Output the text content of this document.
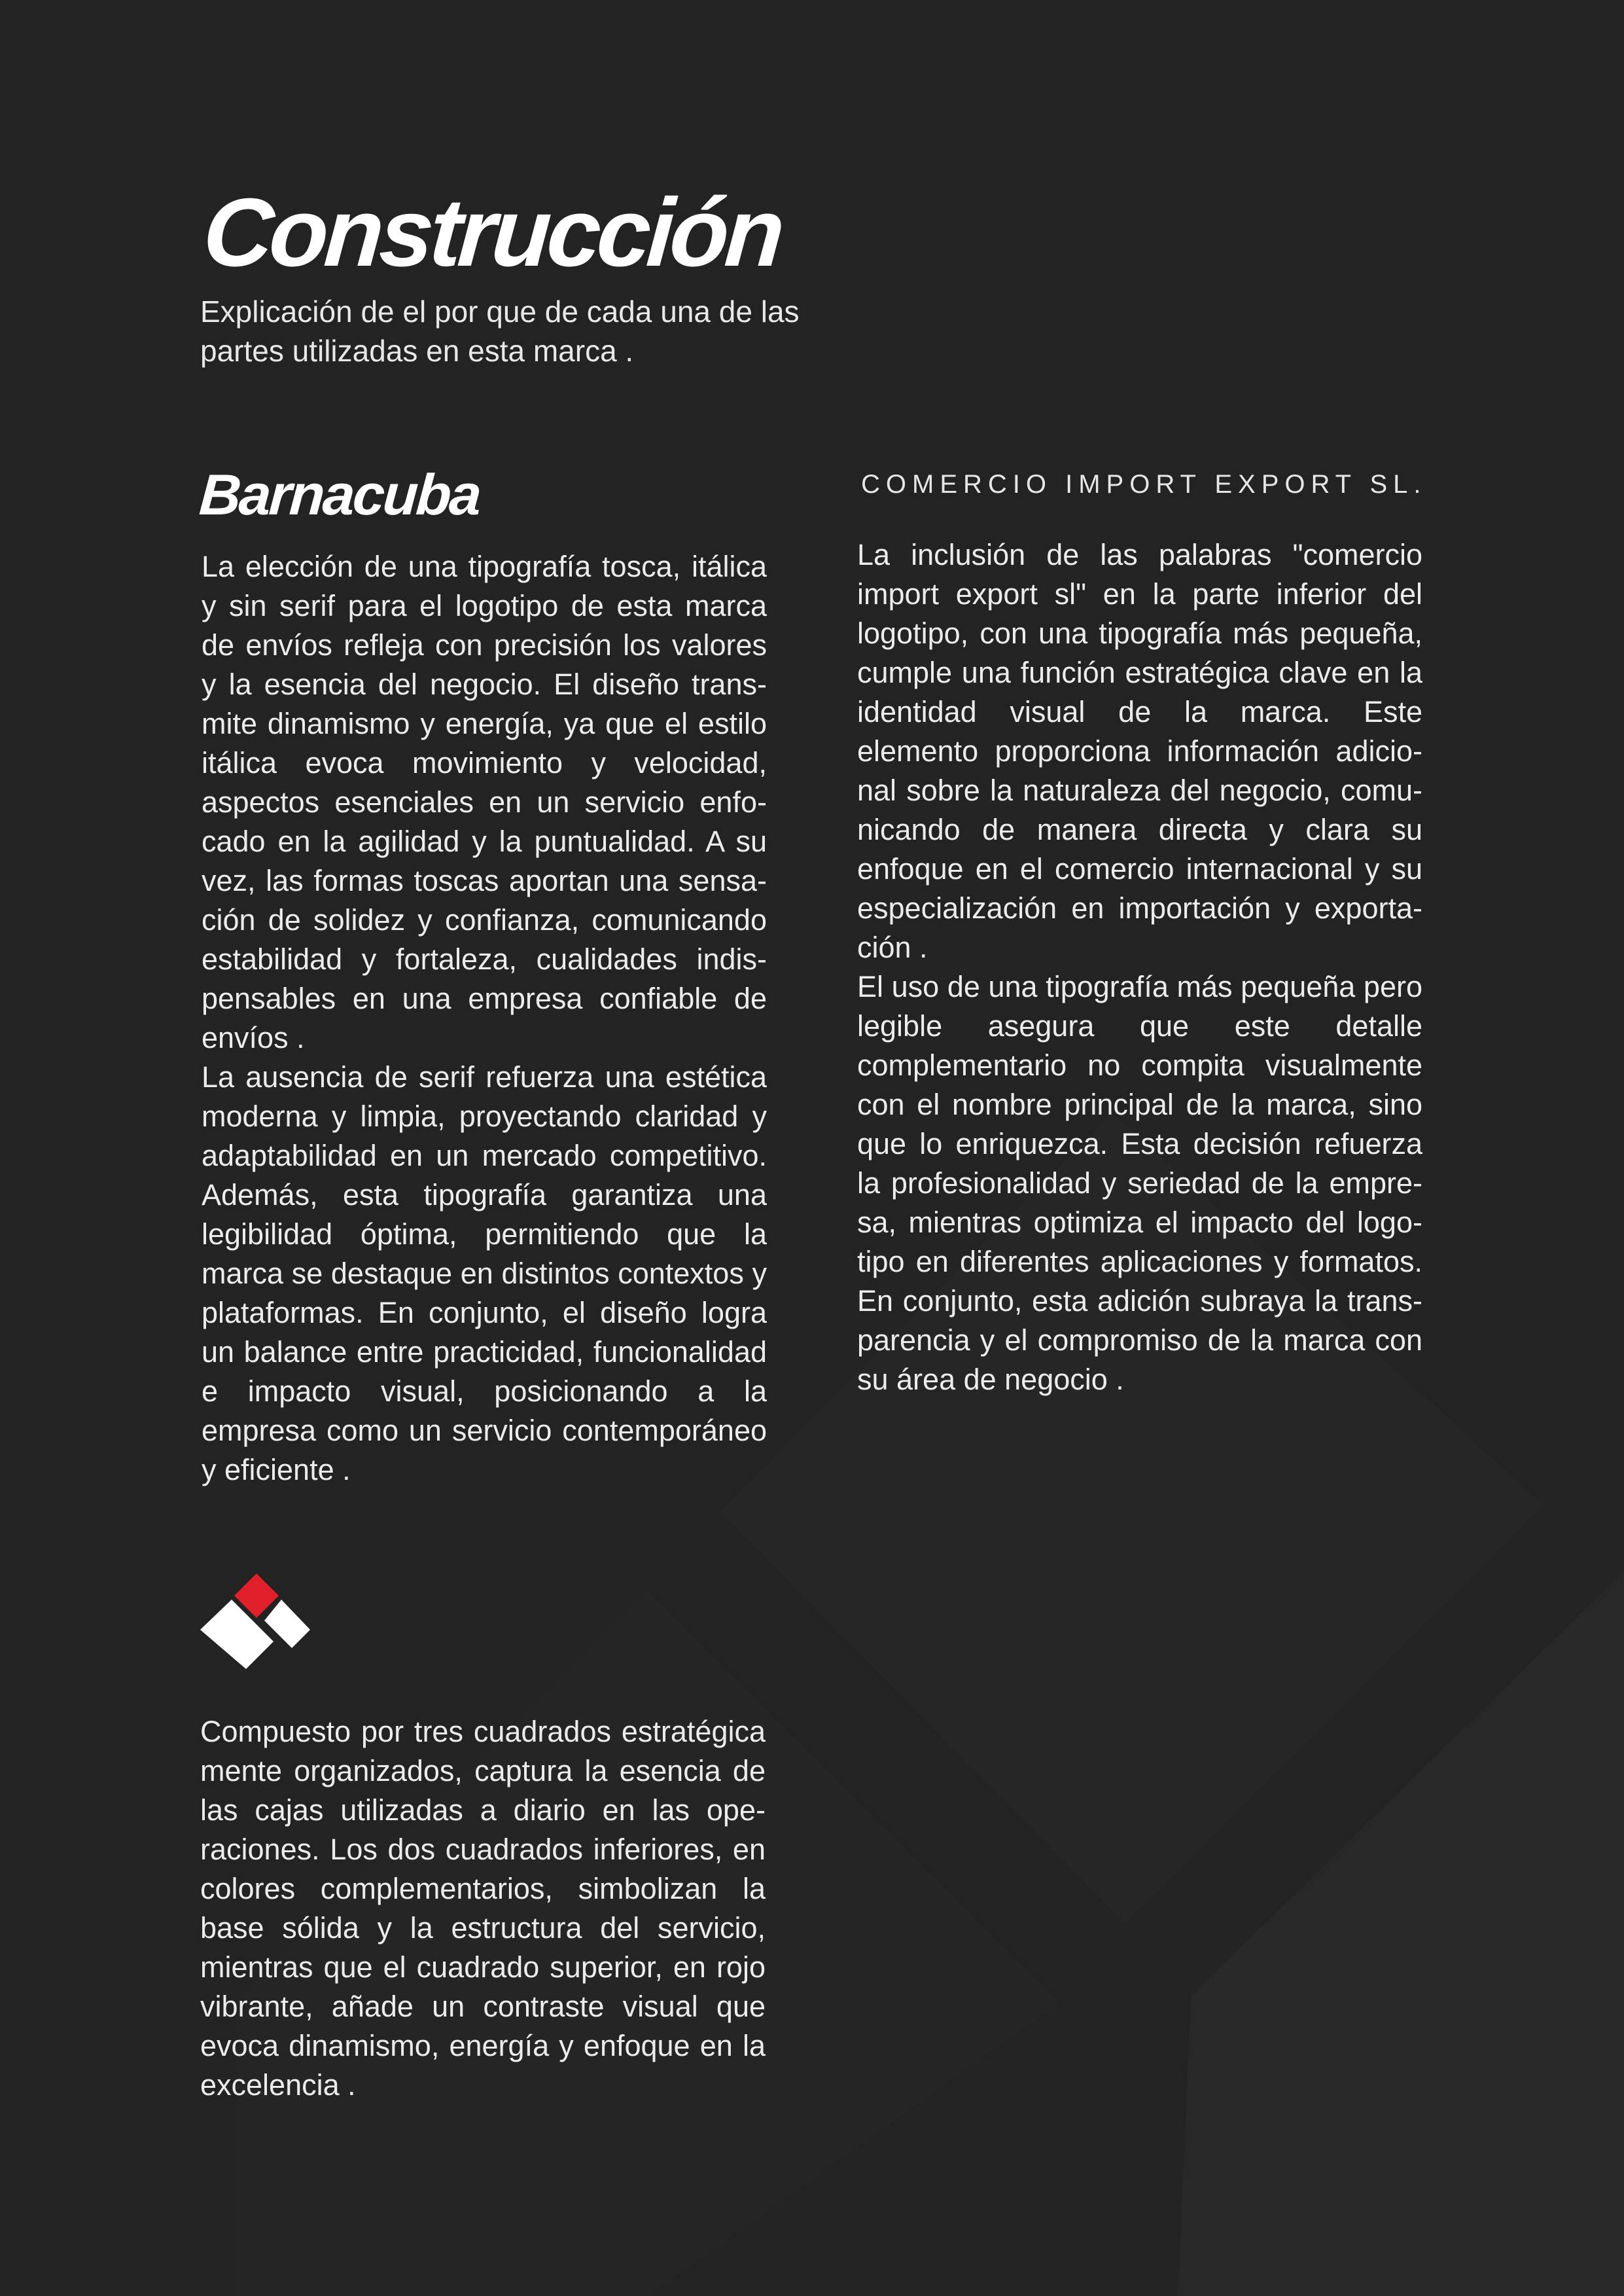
Construcción

Explicación de el por que de cada una de las partes utilizadas en esta marca .

Barnacuba

La elección de una tipografía tosca, itálica y sin serif para el logotipo de esta marca de envíos refleja con precisión los valores y la esencia del negocio. El diseño transmite dinamismo y energía, ya que el estilo itálica evoca movimiento y velocidad, aspectos esenciales en un servicio enfocado en la agilidad y la puntualidad. A su vez, las formas toscas aportan una sensación de solidez y confianza, comunicando estabilidad y fortaleza, cualidades indispensables en una empresa confiable de envíos .

La ausencia de serif refuerza una estética moderna y limpia, proyectando claridad y adaptabilidad en un mercado competitivo. Además, esta tipografía garantiza una legibilidad óptima, permitiendo que la marca se destaque en distintos contextos y plataformas. En conjunto, el diseño logra un balance entre practicidad, funcionalidad e impacto visual, posicionando a la empresa como un servicio contemporáneo y eficiente .

COMERCIO IMPORT EXPORT SL.

La inclusión de las palabras "comercio import export sl" en la parte inferior del logotipo, con una tipografía más pequeña, cumple una función estratégica clave en la identidad visual de la marca. Este elemento proporciona información adicional sobre la naturaleza del negocio, comunicando de manera directa y clara su enfoque en el comercio internacional y su especialización en importación y exportación .

El uso de una tipografía más pequeña pero legible asegura que este detalle complementario no compita visualmente con el nombre principal de la marca, sino que lo enriquezca. Esta decisión refuerza la profesionalidad y seriedad de la empresa, mientras optimiza el impacto del logotipo en diferentes aplicaciones y formatos. En conjunto, esta adición subraya la transparencia y el compromiso de la marca con su área de negocio .

Compuesto por tres cuadrados estratégica mente organizados, captura la esencia de las cajas utilizadas a diario en las operaciones. Los dos cuadrados inferiores, en colores complementarios, simbolizan la base sólida y la estructura del servicio, mientras que el cuadrado superior, en rojo vibrante, añade un contraste visual que evoca dinamismo, energía y enfoque en la excelencia .
